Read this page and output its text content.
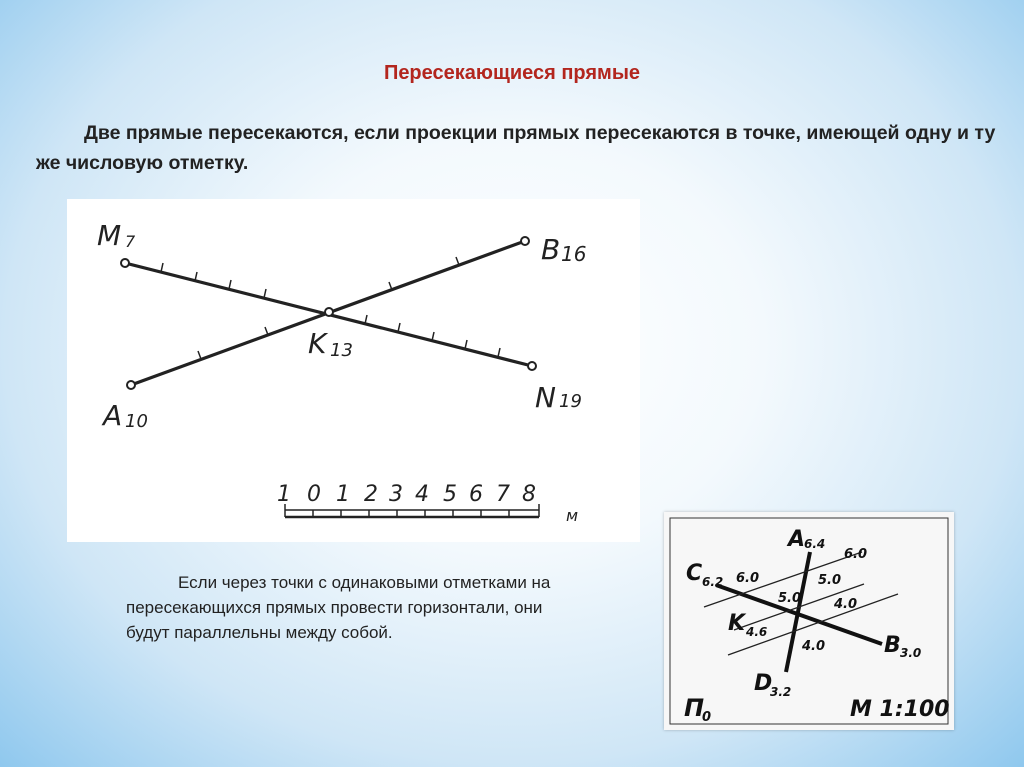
Пересекающиеся прямые
Две прямые пересекаются, если проекции прямых пересекаются в точке, имеющей одну и ту же числовую отметку.
M 7	B 16
K 13
A 10
N 19
1 0 1 2 3 4 5 6 7 8
м
Если через точки с одинаковыми отметками на пересекающихся прямых провести горизонтали, они будут параллельны между собой.
A
6.4
C 6.2
K 4.6
B 3.0
D
3.2
6.0
6.0	5.0
5.0	4.0
4.0
П
0	М 1:100
